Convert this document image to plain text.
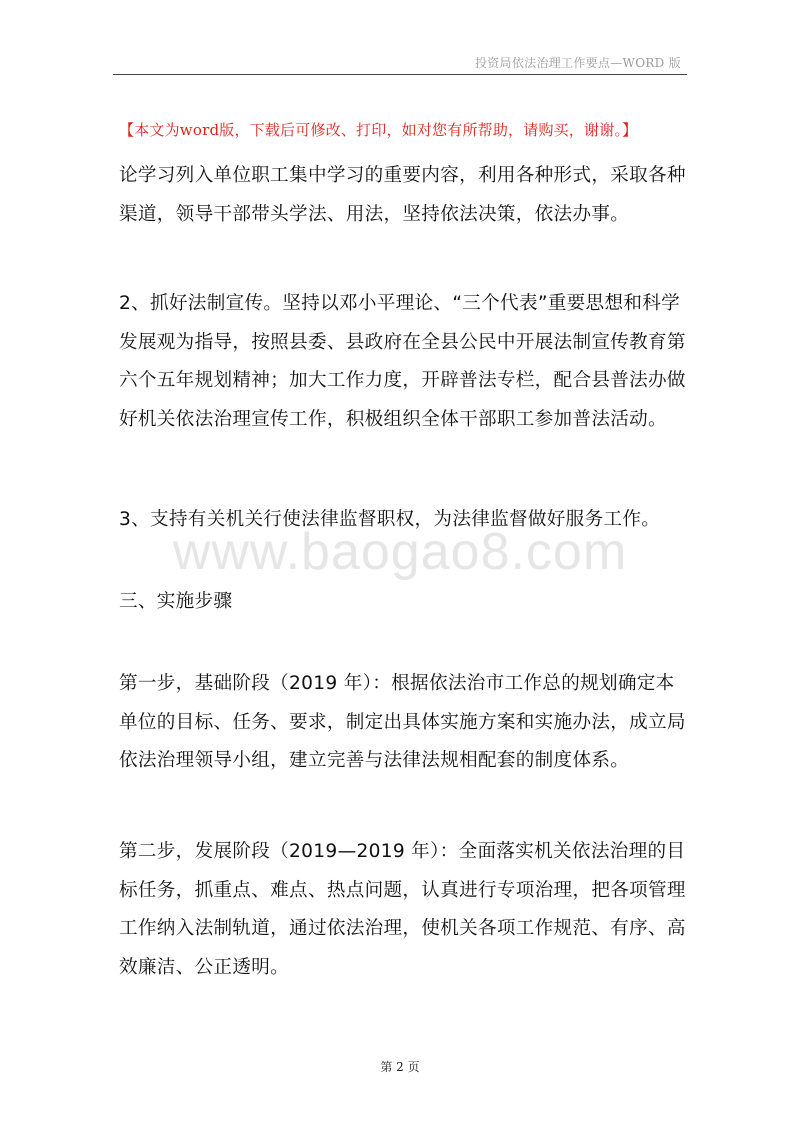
投资局依法治理工作要点—WORD 版
【本文为word版，下载后可修改、打印，如对您有所帮助，请购买，谢谢。】

论学习列入单位职工集中学习的重要内容，利用各种形式，采取各种
渠道，领导干部带头学法、用法，坚持依法决策，依法办事。

2、抓好法制宣传。坚持以邓小平理论、“三个代表”重要思想和科学
发展观为指导，按照县委、县政府在全县公民中开展法制宣传教育第
六个五年规划精神；加大工作力度，开辟普法专栏，配合县普法办做
好机关依法治理宣传工作，积极组织全体干部职工参加普法活动。

3、支持有关机关行使法律监督职权，为法律监督做好服务工作。

www.baogao8.com

三、实施步骤

第一步，基础阶段（2019 年）：根据依法治市工作总的规划确定本
单位的目标、任务、要求，制定出具体实施方案和实施办法，成立局
依法治理领导小组，建立完善与法律法规相配套的制度体系。

第二步，发展阶段（2019—2019 年）：全面落实机关依法治理的目
标任务，抓重点、难点、热点问题，认真进行专项治理，把各项管理
工作纳入法制轨道，通过依法治理，使机关各项工作规范、有序、高
效廉洁、公正透明。

第 2 页
